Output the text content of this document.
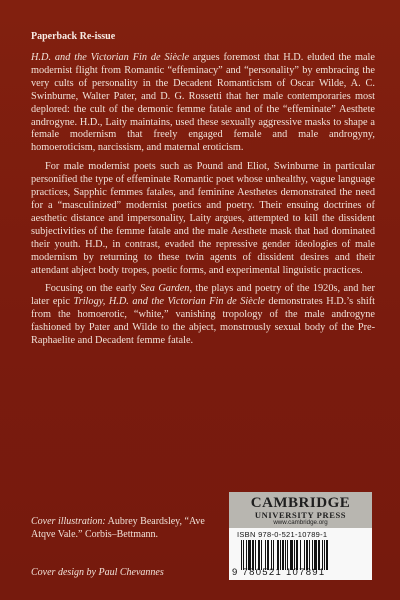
Paperback Re-issue

H.D. and the Victorian Fin de Siècle argues foremost that H.D. eluded the male modernist flight from Romantic “effeminacy” and “personality” by embracing the very cults of personality in the Decadent Romanticism of Oscar Wilde, A. C. Swinburne, Walter Pater, and D. G. Rossetti that her male contemporaries most deplored: the cult of the demonic femme fatale and of the “effeminate” Aesthete androgyne. H.D., Laity maintains, used these sexually aggressive masks to shape a female modernism that freely engaged female and male androgyny, homoeroticism, narcissism, and maternal eroticism.

For male modernist poets such as Pound and Eliot, Swinburne in particular personified the type of effeminate Romantic poet whose unhealthy, vague language practices, Sapphic femmes fatales, and feminine Aesthetes demonstrated the need for a “masculinized” modernist poetics and poetry. Their ensuing doctrines of aesthetic distance and impersonality, Laity argues, attempted to kill the dissident subjectivities of the femme fatale and the male Aesthete mask that had dominated their youth. H.D., in contrast, evaded the repressive gender ideologies of male modernism by returning to these twin agents of dissident desires and their attendant abject body tropes, poetic forms, and experimental linguistic practices.

Focusing on the early Sea Garden, the plays and poetry of the 1920s, and her later epic Trilogy, H.D. and the Victorian Fin de Siècle demonstrates H.D.’s shift from the homoerotic, “white,” vanishing tropology of the male androgyne fashioned by Pater and Wilde to the abject, monstrously sexual body of the Pre-Raphaelite and Decadent femme fatale.

Cover illustration: Aubrey Beardsley, “Ave Atqve Vale.” Corbis–Bettmann.
Cover design by Paul Chevannes
CAMBRIDGE
UNIVERSITY PRESS
www.cambridge.org
ISBN 978-0-521-10789-1
9 780521 107891
